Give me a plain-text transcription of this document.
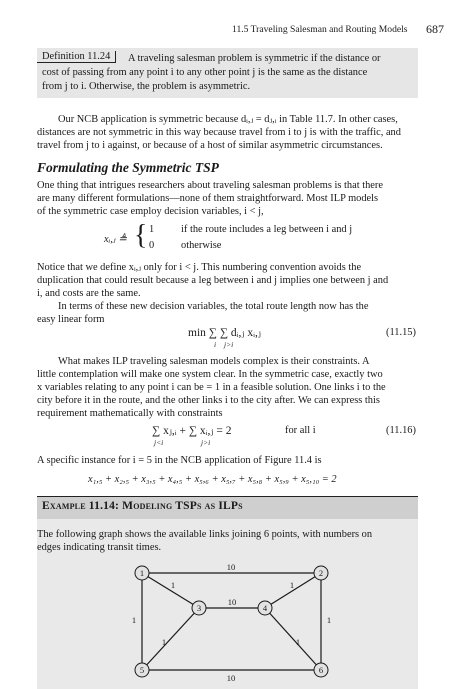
11.5 Traveling Salesman and Routing Models 687
Definition 11.24	A traveling salesman problem is symmetric if the distance or
cost of passing from any point i to any other point j is the same as the distance
from j to i. Otherwise, the problem is asymmetric.
Our NCB application is symmetric because dᵢ,ⱼ = dⱼ,ᵢ in Table 11.7. In other cases,
distances are not symmetric in this way because travel from i to j is with the traffic, and
travel from j to i against, or because of a host of similar asymmetric circumstances.
Formulating the Symmetric TSP
One thing that intrigues researchers about traveling salesman problems is that there
are many different formulations—none of them straightforward. Most ILP models
of the symmetric case employ decision variables, i < j,
xᵢ,ⱼ ≜ { 1	if the route includes a leg between i and j
0	otherwise
Notice that we define xᵢ,ⱼ only for i < j. This numbering convention avoids the
duplication that could result because a leg between i and j implies one between j and
i, and costs are the same.
In terms of these new decision variables, the total route length now has the
easy linear form
min ∑ ∑ dᵢ,ⱼ xᵢ,ⱼ
i j>i
(11.15)
What makes ILP traveling salesman models complex is their constraints. A
little contemplation will make one system clear. In the symmetric case, exactly two
x variables relating to any point i can be = 1 in a feasible solution. One links i to the
city before it in the route, and the other links i to the city after. We can express this
requirement mathematically with constraints
∑ xⱼ,ᵢ + ∑ xᵢ,ⱼ = 2
j<i	j>i
for all i	(11.16)
A specific instance for i = 5 in the NCB application of Figure 11.4 is
x₁,₅ + x₂,₅ + x₃,₅ + x₄,₅ + x₅,₆ + x₅,₇ + x₅,₈ + x₅,₉ + x₅,₁₀ = 2
Example 11.14: Modeling TSPs as ILPs
The following graph shows the available links joining 6 points, with numbers on
edges indicating transit times.
10
1
1
10
1
1
1
1
10
1	2
3	4
5	6
